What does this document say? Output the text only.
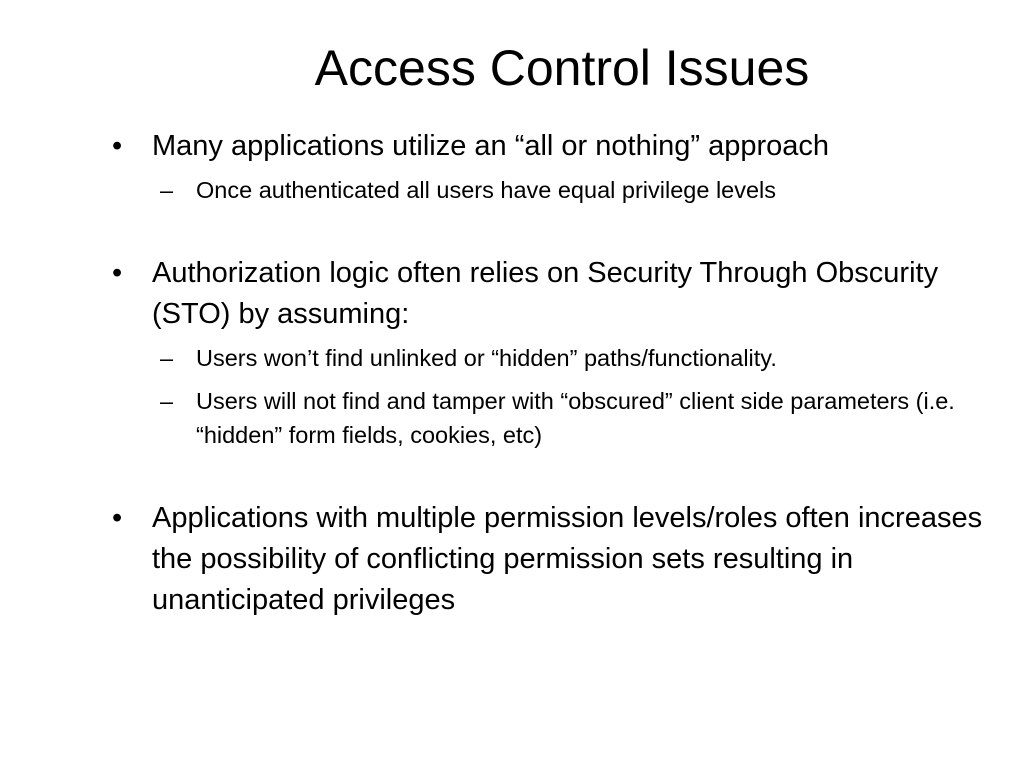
Access Control Issues
•	Many applications utilize an “all or nothing” approach
– Once authenticated all users have equal privilege levels
•	Authorization logic often relies on Security Through Obscurity (STO) by assuming:
– Users won’t find unlinked or “hidden” paths/functionality.
– Users will not find and tamper with “obscured” client side parameters (i.e. “hidden” form fields, cookies, etc)
•	Applications with multiple permission levels/roles often increases the possibility of conflicting permission sets resulting in unanticipated privileges
